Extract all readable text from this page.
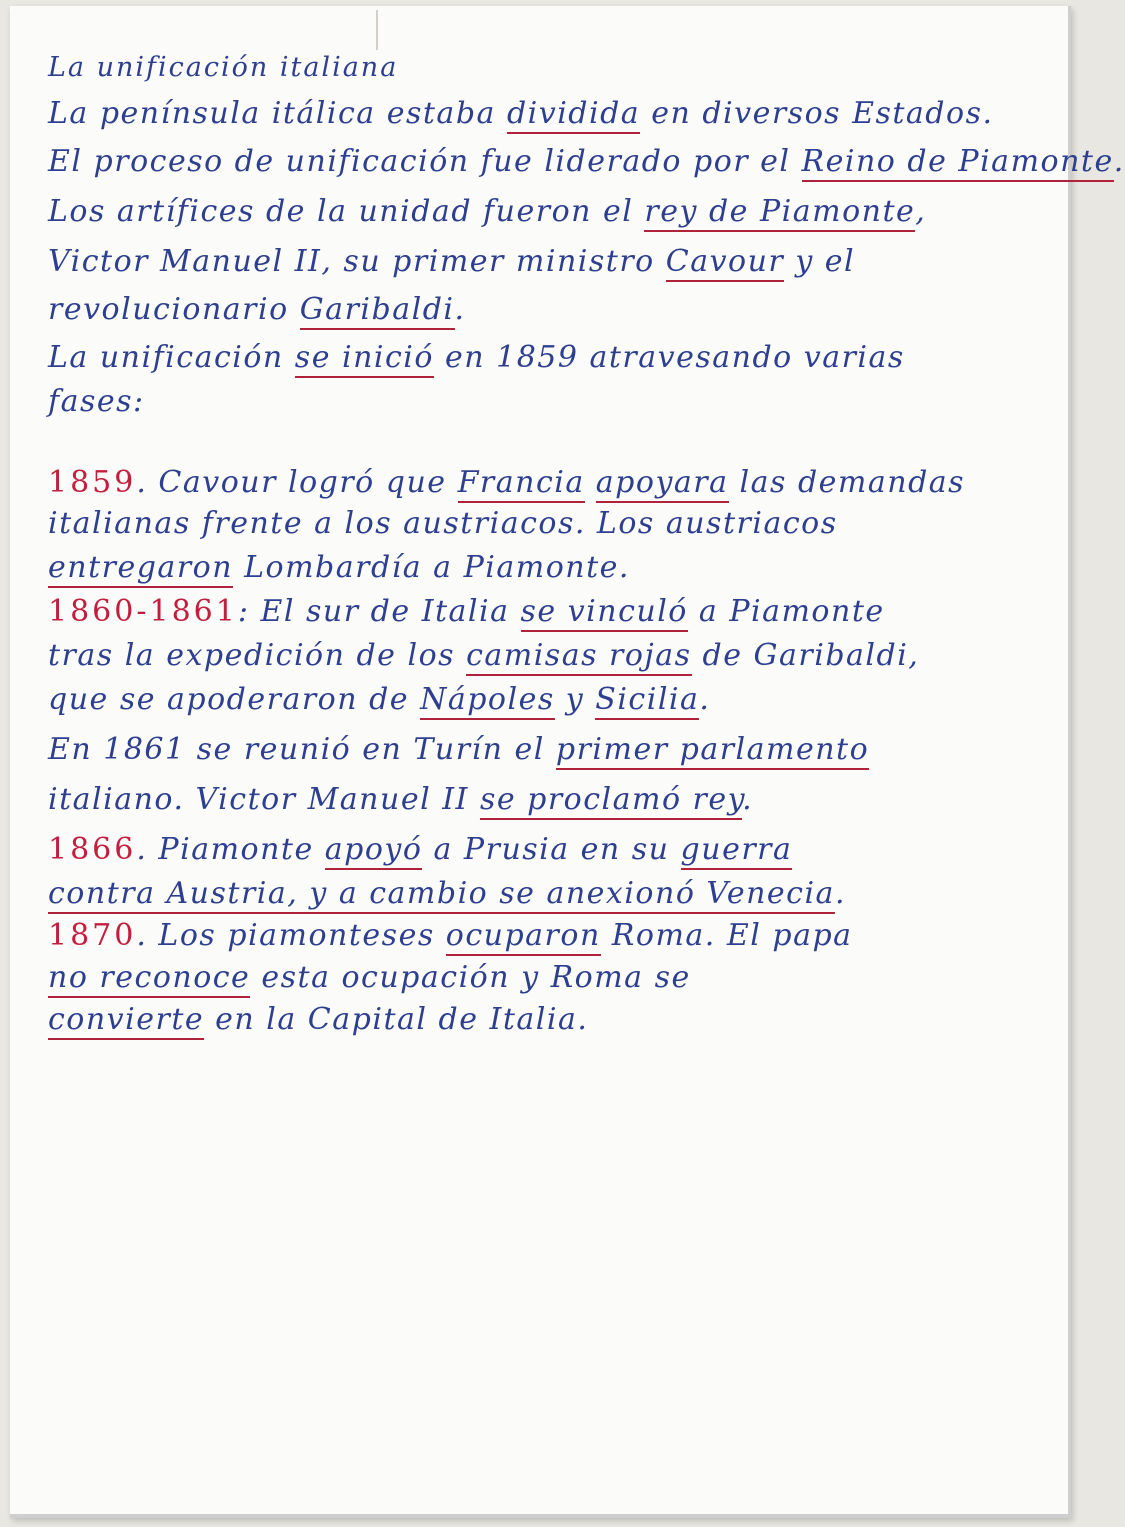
La unificación italiana

La península itálica estaba dividida en diversos Estados.

El proceso de unificación fue liderado por el Reino de Piamonte.

Los artífices de la unidad fueron el rey de Piamonte,

Victor Manuel II, su primer ministro Cavour y el

revolucionario Garibaldi.

La unificación se inició en 1859 atravesando varias

fases:

1859. Cavour logró que Francia apoyara las demandas

italianas frente a los austriacos. Los austriacos

entregaron Lombardía a Piamonte.

1860-1861: El sur de Italia se vinculó a Piamonte

tras la expedición de los camisas rojas de Garibaldi,

que se apoderaron de Nápoles y Sicilia.

En 1861 se reunió en Turín el primer parlamento

italiano. Victor Manuel II se proclamó rey.

1866. Piamonte apoyó a Prusia en su guerra

contra Austria, y a cambio se anexionó Venecia.

1870. Los piamonteses ocuparon Roma. El papa

no reconoce esta ocupación y Roma se

convierte en la Capital de Italia.
